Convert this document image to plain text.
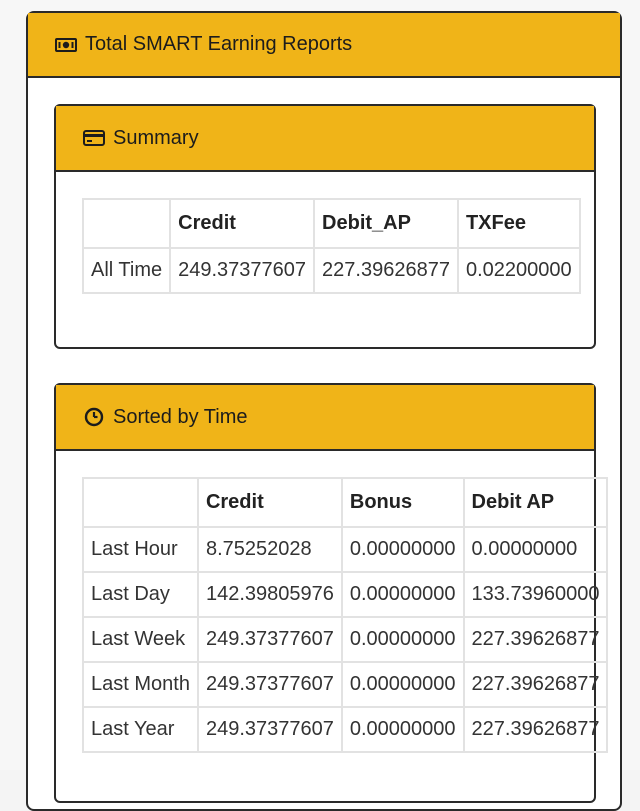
Total SMART Earning Reports
Summary
	Credit	Debit_AP	TXFee
All Time	249.37377607	227.39626877	0.02200000
Sorted by Time
	Credit	Bonus	Debit AP
Last Hour	8.75252028	0.00000000	0.00000000
Last Day	142.39805976	0.00000000	133.73960000
Last Week	249.37377607	0.00000000	227.39626877
Last Month	249.37377607	0.00000000	227.39626877
Last Year	249.37377607	0.00000000	227.39626877
